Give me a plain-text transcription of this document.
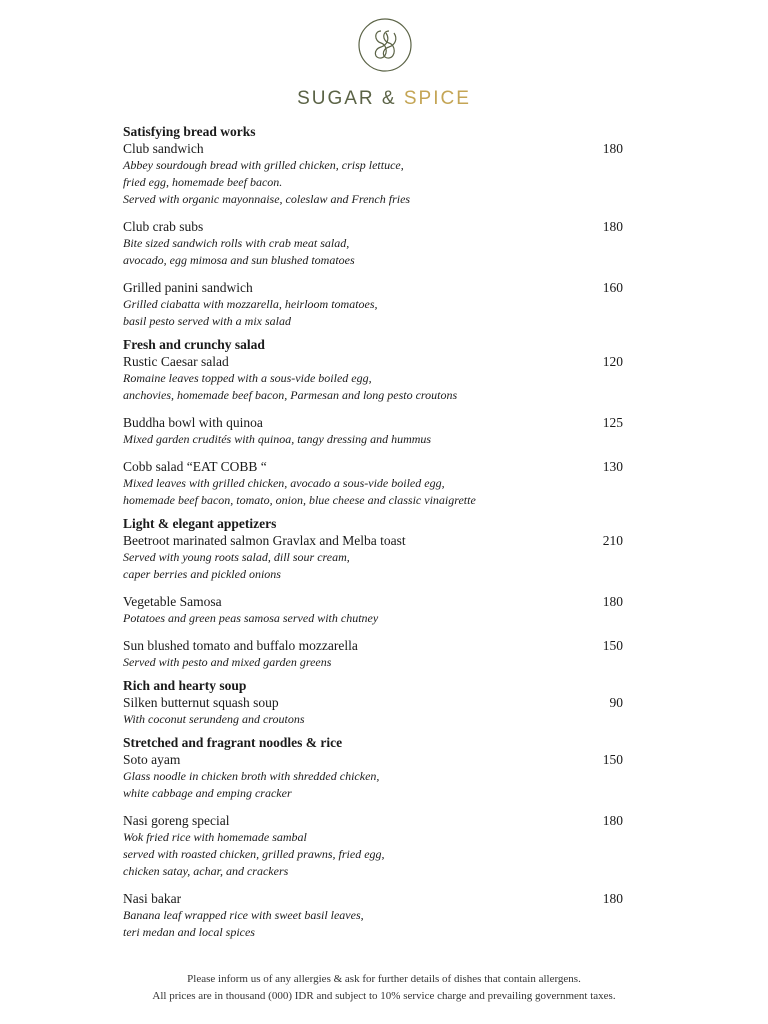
SUGAR & SPICE
Satisfying bread works
Club sandwich	180
Abbey sourdough bread with grilled chicken, crisp lettuce,
fried egg, homemade beef bacon.
Served with organic mayonnaise, coleslaw and French fries
Club crab subs	180
Bite sized sandwich rolls with crab meat salad,
avocado, egg mimosa and sun blushed tomatoes
Grilled panini sandwich	160
Grilled ciabatta with mozzarella, heirloom tomatoes,
basil pesto served with a mix salad
Fresh and crunchy salad
Rustic Caesar salad	120
Romaine leaves topped with a sous-vide boiled egg,
anchovies, homemade beef bacon, Parmesan and long pesto croutons
Buddha bowl with quinoa	125
Mixed garden crudités with quinoa, tangy dressing and hummus
Cobb salad “EAT COBB “	130
Mixed leaves with grilled chicken, avocado a sous-vide boiled egg,
homemade beef bacon, tomato, onion, blue cheese and classic vinaigrette
Light & elegant appetizers
Beetroot marinated salmon Gravlax and Melba toast	210
Served with young roots salad, dill sour cream,
caper berries and pickled onions
Vegetable Samosa	180
Potatoes and green peas samosa served with chutney
Sun blushed tomato and buffalo mozzarella	150
Served with pesto and mixed garden greens
Rich and hearty soup
Silken butternut squash soup	90
With coconut serundeng and croutons
Stretched and fragrant noodles & rice
Soto ayam	150
Glass noodle in chicken broth with shredded chicken,
white cabbage and emping cracker
Nasi goreng special	180
Wok fried rice with homemade sambal
served with roasted chicken, grilled prawns, fried egg,
chicken satay, achar, and crackers
Nasi bakar	180
Banana leaf wrapped rice with sweet basil leaves,
teri medan and local spices
Please inform us of any allergies & ask for further details of dishes that contain allergens.
All prices are in thousand (000) IDR and subject to 10% service charge and prevailing government taxes.
